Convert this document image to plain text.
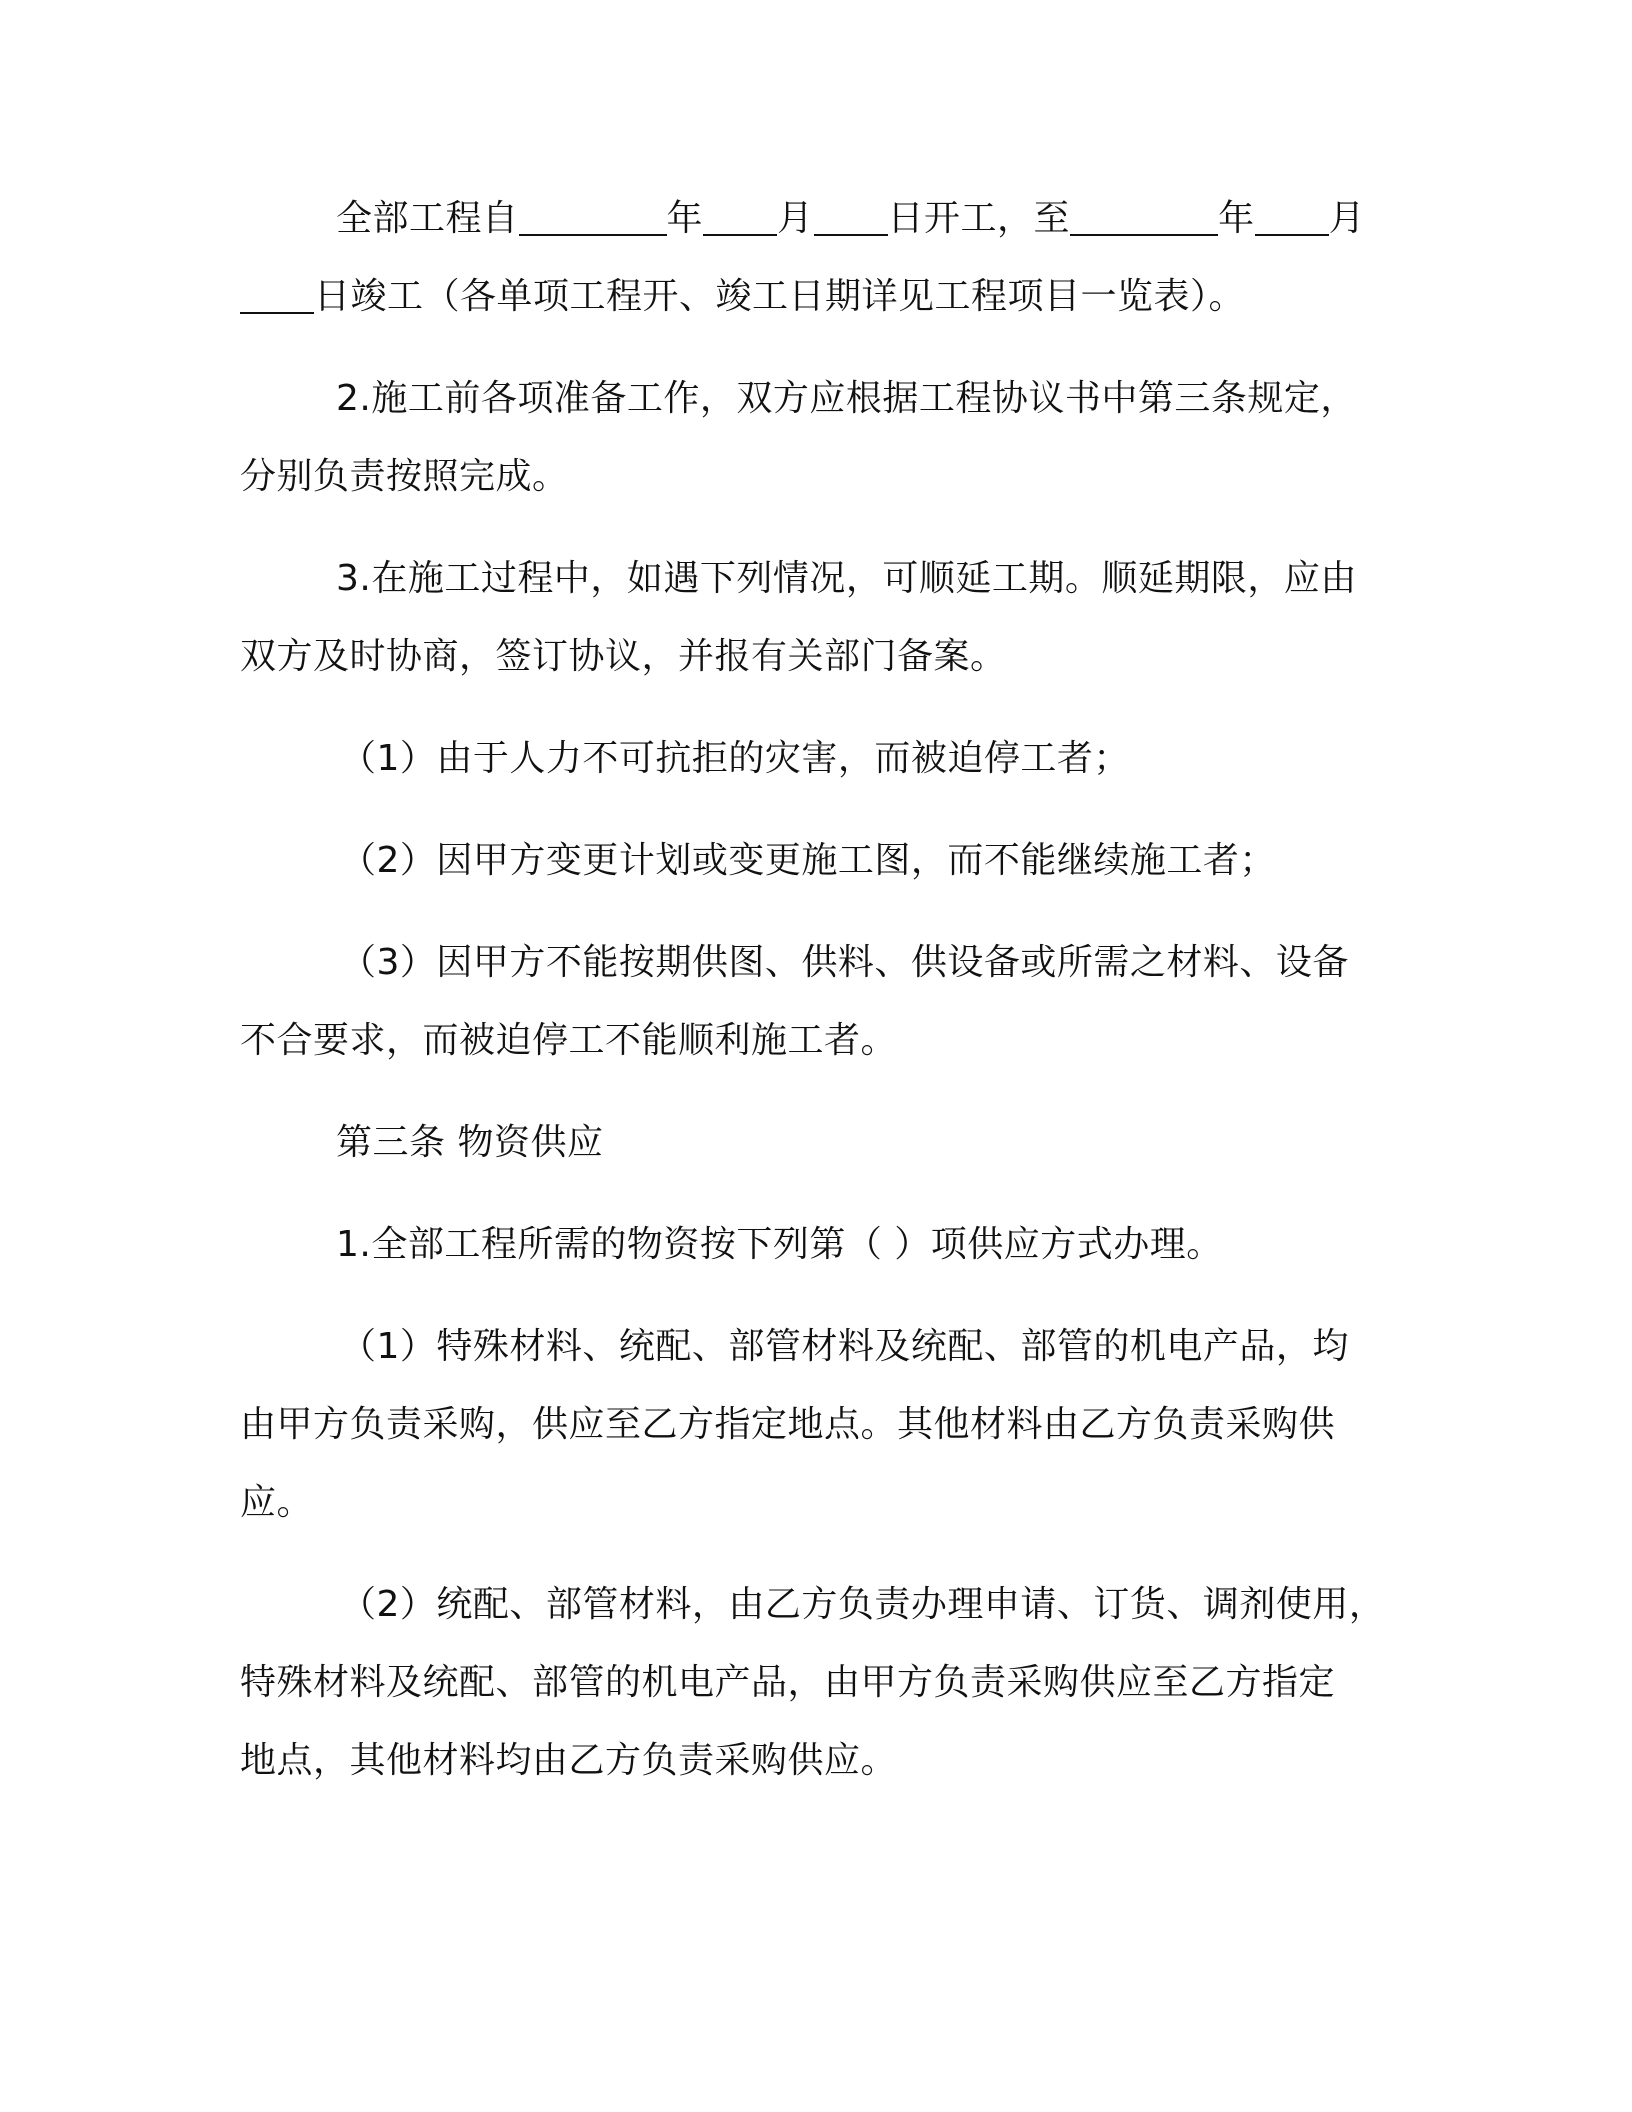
全部工程自	年 月 日开工，至	年 月
日竣工（各单项工程开、竣工日期详见工程项目一览表）。
2.施工前各项准备工作，双方应根据工程协议书中第三条规定，
分别负责按照完成。
3.在施工过程中，如遇下列情况，可顺延工期。顺延期限，应由
双方及时协商，签订协议，并报有关部门备案。
（1）由于人力不可抗拒的灾害，而被迫停工者；
（2）因甲方变更计划或变更施工图，而不能继续施工者；
（3）因甲方不能按期供图、供料、供设备或所需之材料、设备
不合要求，而被迫停工不能顺利施工者。
第三条 物资供应
1.全部工程所需的物资按下列第（ ）项供应方式办理。
（1）特殊材料、统配、部管材料及统配、部管的机电产品，均
由甲方负责采购，供应至乙方指定地点。其他材料由乙方负责采购供
应。
（2）统配、部管材料，由乙方负责办理申请、订货、调剂使用，
特殊材料及统配、部管的机电产品，由甲方负责采购供应至乙方指定
地点，其他材料均由乙方负责采购供应。
